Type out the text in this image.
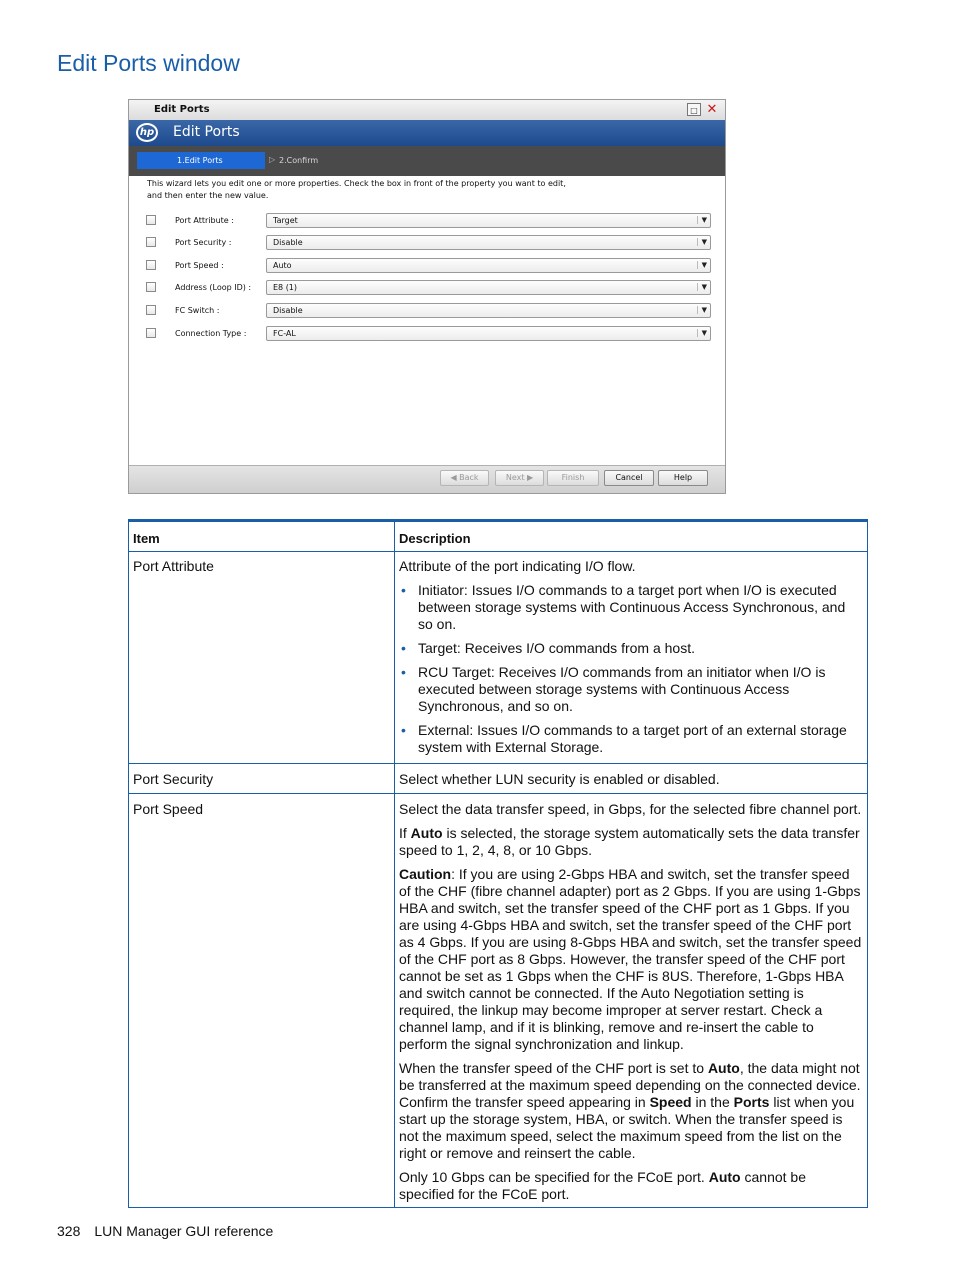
Edit Ports window
Edit Ports	□ ✕
hp Edit Ports
1.Edit Ports	▷ 2.Confirm
This wizard lets you edit one or more properties. Check the box in front of the property you want to edit,
and then enter the new value.
Port Attribute :	Target	▼
Port Security :	Disable	▼
Port Speed :	Auto	▼
Address (Loop ID) :	E8 (1)	▼
FC Switch :	Disable	▼
Connection Type :	FC-AL	▼
◀ Back	Next ▶	Finish	Cancel	Help
Item	Description
Port Attribute	Attribute of the port indicating I/O flow.

• Initiator: Issues I/O commands to a target port when I/O is executed between storage systems with Continuous Access Synchronous, and so on.
• Target: Receives I/O commands from a host.
• RCU Target: Receives I/O commands from an initiator when I/O is executed between storage systems with Continuous Access Synchronous, and so on.
• External: Issues I/O commands to a target port of an external storage system with External Storage.
Port Security	Select whether LUN security is enabled or disabled.
Port Speed	Select the data transfer speed, in Gbps, for the selected fibre channel port.

If Auto is selected, the storage system automatically sets the data transfer speed to 1, 2, 4, 8, or 10 Gbps.

Caution: If you are using 2-Gbps HBA and switch, set the transfer speed of the CHF (fibre channel adapter) port as 2 Gbps. If you are using 1-Gbps HBA and switch, set the transfer speed of the CHF port as 1 Gbps. If you are using 4-Gbps HBA and switch, set the transfer speed of the CHF port as 4 Gbps. If you are using 8-Gbps HBA and switch, set the transfer speed of the CHF port as 8 Gbps. However, the transfer speed of the CHF port cannot be set as 1 Gbps when the CHF is 8US. Therefore, 1-Gbps HBA and switch cannot be connected. If the Auto Negotiation setting is required, the linkup may become improper at server restart. Check a channel lamp, and if it is blinking, remove and re-insert the cable to perform the signal synchronization and linkup.

When the transfer speed of the CHF port is set to Auto, the data might not be transferred at the maximum speed depending on the connected device. Confirm the transfer speed appearing in Speed in the Ports list when you start up the storage system, HBA, or switch. When the transfer speed is not the maximum speed, select the maximum speed from the list on the right or remove and reinsert the cable.

Only 10 Gbps can be specified for the FCoE port. Auto cannot be specified for the FCoE port.

328 LUN Manager GUI reference
